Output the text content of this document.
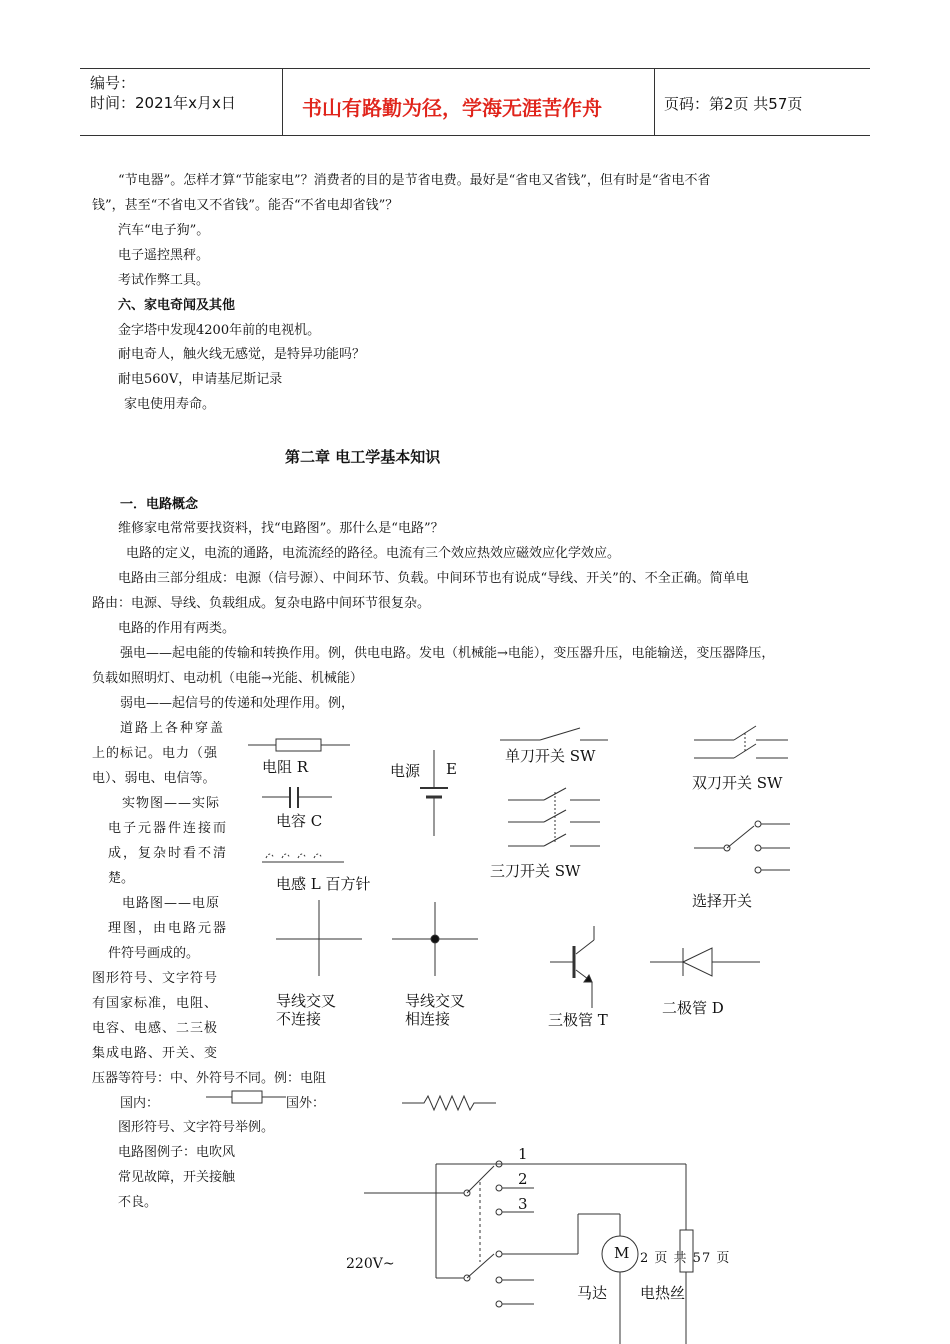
编号：
时间：2021年x月x日	书山有路勤为径，学海无涯苦作舟	页码：第2页 共57页
“节电器”。怎样才算“节能家电”？消费者的目的是节省电费。最好是“省电又省钱”，但有时是“省电不省
钱”，甚至“不省电又不省钱”。能否“不省电却省钱”？
汽车“电子狗”。
电子遥控黑秤。
考试作弊工具。
六、家电奇闻及其他
金字塔中发现4200年前的电视机。
耐电奇人，触火线无感觉，是特异功能吗？
耐电560V，申请基尼斯记录
家电使用寿命。
第二章 电工学基本知识
一．电路概念
维修家电常常要找资料，找“电路图”。那什么是“电路”？
电路的定义，电流的通路，电流流经的路径。电流有三个效应热效应磁效应化学效应。
电路由三部分组成：电源（信号源）、中间环节、负载。中间环节也有说成“导线、开关”的、不全正确。简单电
路由：电源、导线、负载组成。复杂电路中间环节很复杂。
电路的作用有两类。
强电——起电能的传输和转换作用。例，供电电路。发电（机械能→电能），变压器升压，电能输送，变压器降压，
负载如照明灯、电动机（电能→光能、机械能）
弱电——起信号的传递和处理作用。例，
道路上各种穿盖
上的标记。电力（强
电）、弱电、电信等。
实物图——实际
电子元器件连接而
成，复杂时看不清
楚。
电路图——电原
理图，由电路元器
件符号画成的。
图形符号、文字符号
有国家标准，电阻、
电容、电感、二三极
集成电路、开关、变
压器等符号：中、外符号不同。例：电阻
国内：	国外：
图形符号、文字符号举例。
电路图例子：电吹风
常见故障，开关接触
不良。
电阻 R	电源 E
电容 C
电感 L 百方针
单刀开关 SW
双刀开关 SW
三刀开关 SW
选择开关
导线交叉
不连接
导线交叉
相连接	三极管 T
二极管 D
1
2
3
220V~
M
马达 电热丝
2 页 共 57 页
